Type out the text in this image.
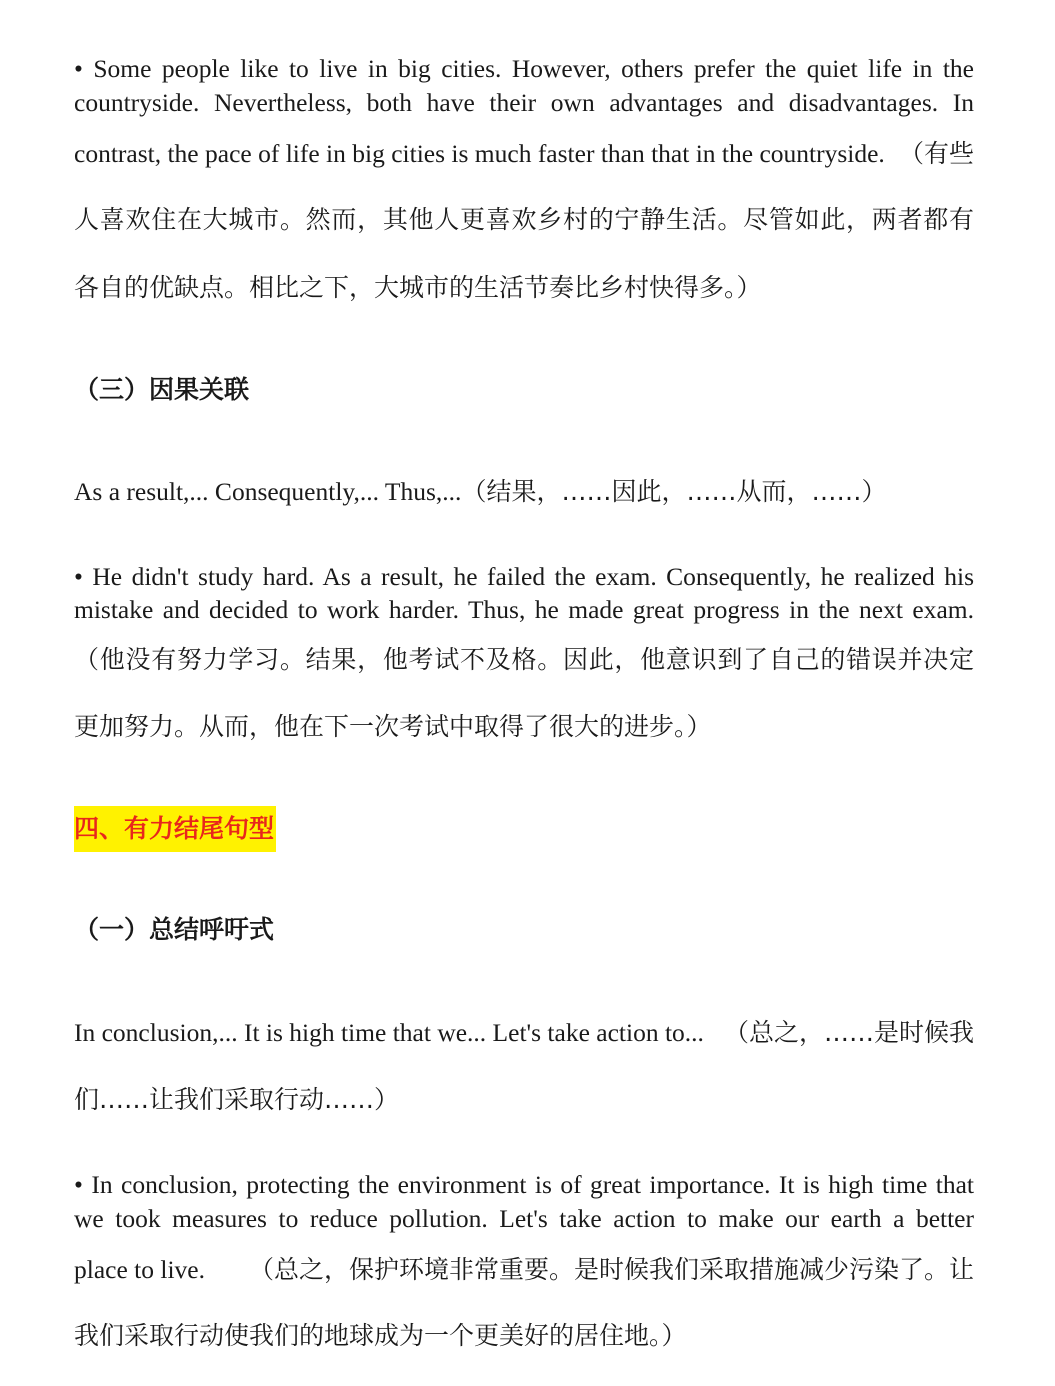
• Some people like to live in big cities. However, others prefer the quiet life in the
countryside. Nevertheless, both have their own advantages and disadvantages. In
contrast, the pace of life in big cities is much faster than that in the countryside. （有些
人喜欢住在大城市。然而，其他人更喜欢乡村的宁静生活。尽管如此，两者都有
各自的优缺点。相比之下，大城市的生活节奏比乡村快得多。）
（三）因果关联
As a result,... Consequently,... Thus,...（结果，……因此，……从而，……）
• He didn't study hard. As a result, he failed the exam. Consequently, he realized his
mistake and decided to work harder. Thus, he made great progress in the next exam.
（他没有努力学习。结果，他考试不及格。因此，他意识到了自己的错误并决定
更加努力。从而，他在下一次考试中取得了很大的进步。）
四、有力结尾句型
（一）总结呼吁式
In conclusion,... It is high time that we... Let's take action to... （总之，……是时候我
们……让我们采取行动……）
• In conclusion, protecting the environment is of great importance. It is high time that
we took measures to reduce pollution. Let's take action to make our earth a better
place to live. （总之，保护环境非常重要。是时候我们采取措施减少污染了。让
我们采取行动使我们的地球成为一个更美好的居住地。）
